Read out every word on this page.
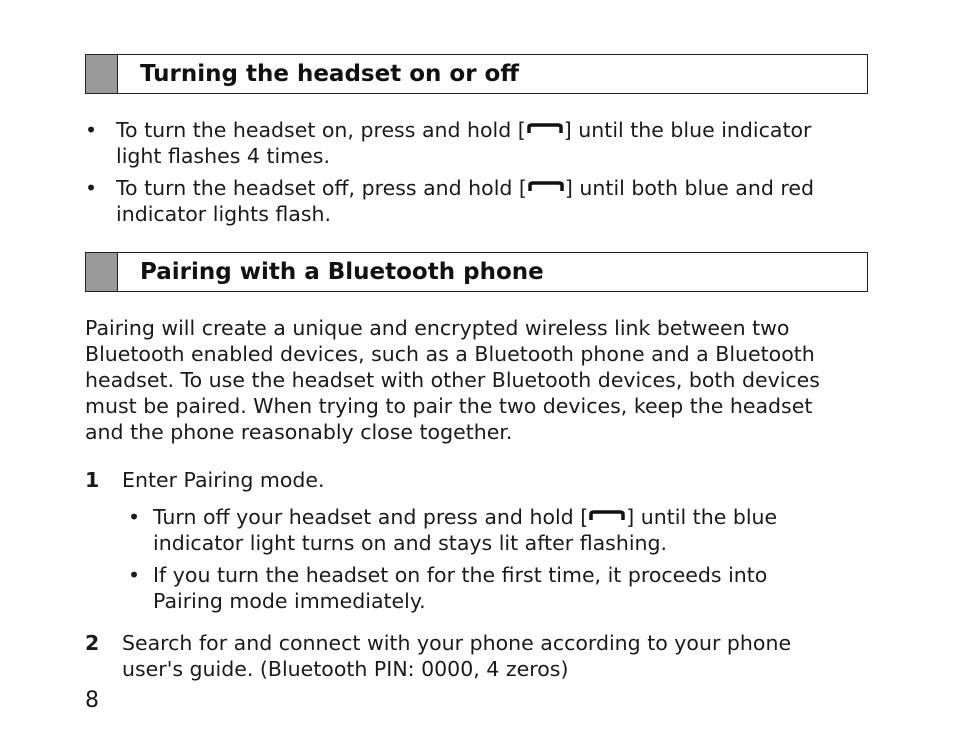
Turning the headset on or off
• To turn the headset on, press and hold [ ] until the blue indicator
light flashes 4 times.
• To turn the headset off, press and hold [ ] until both blue and red
indicator lights flash.
Pairing with a Bluetooth phone
Pairing will create a unique and encrypted wireless link between two
Bluetooth enabled devices, such as a Bluetooth phone and a Bluetooth
headset. To use the headset with other Bluetooth devices, both devices
must be paired. When trying to pair the two devices, keep the headset
and the phone reasonably close together.
1 Enter Pairing mode.
• Turn off your headset and press and hold [ ] until the blue
indicator light turns on and stays lit after flashing.
• If you turn the headset on for the first time, it proceeds into
Pairing mode immediately.
2 Search for and connect with your phone according to your phone
user's guide. (Bluetooth PIN: 0000, 4 zeros)
8
